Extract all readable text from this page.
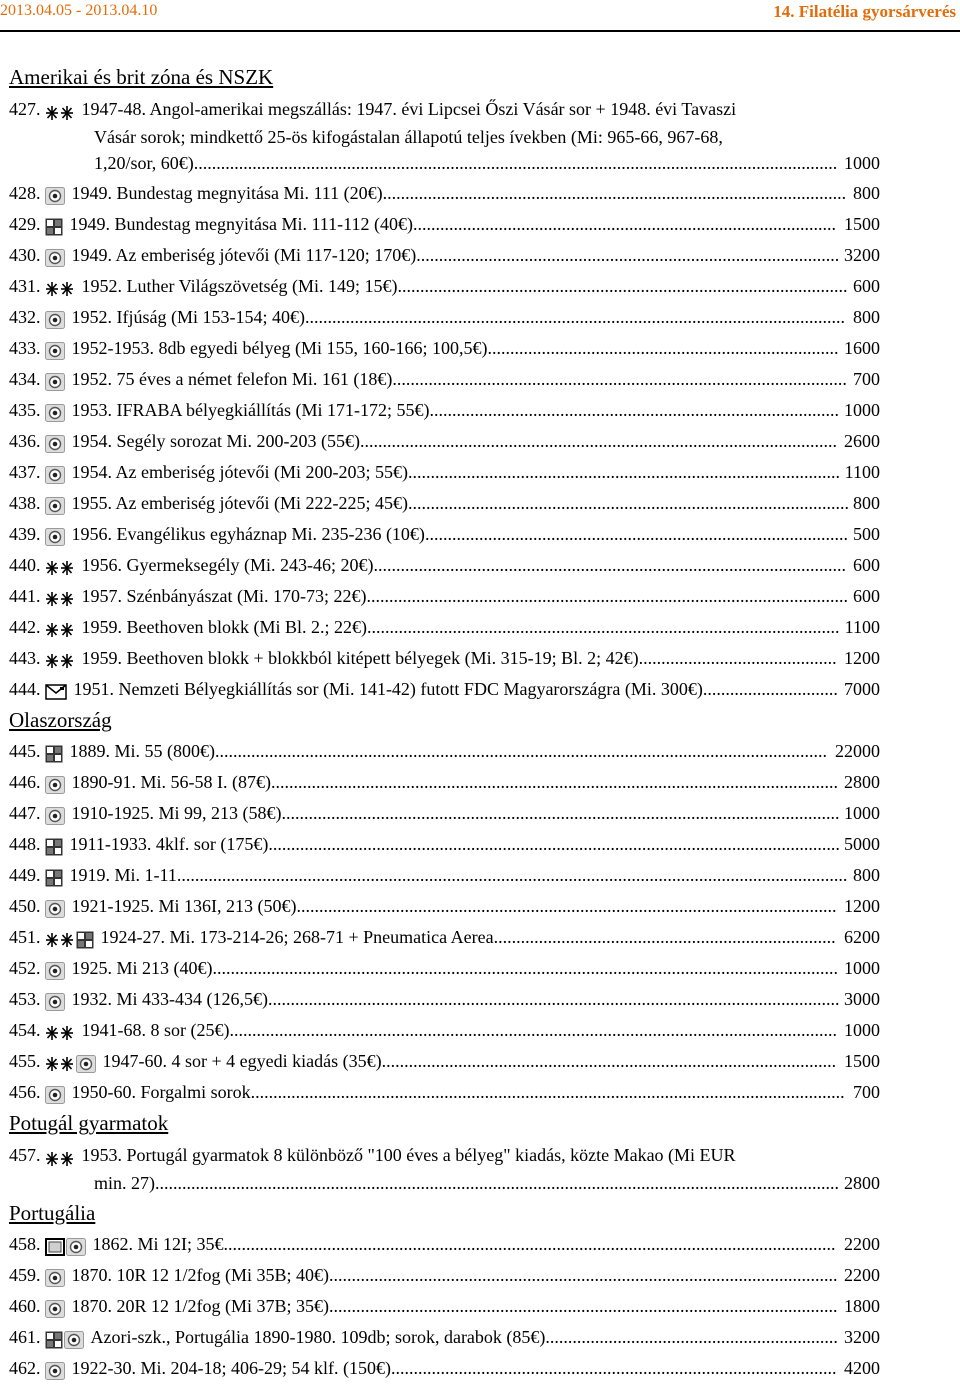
2013.04.05 - 2013.04.10	14. Filatélia gyorsárverés
Amerikai és brit zóna és NSZK
427. 1947-48. Angol-amerikai megszállás: 1947. évi Lipcsei Őszi Vásár sor + 1948. évi Tavaszi
Vásár sorok; mindkettő 25-ös kifogástalan állapotú teljes ívekben (Mi: 965-66, 967-68,
1,20/sor, 60€)............................................................................................................................................... 1000
428. 1949. Bundestag megnyitása Mi. 111 (20€)....................................................................................................... 800
429. 1949. Bundestag megnyitása Mi. 111-112 (40€).............................................................................................. 1500
430. 1949. Az emberiség jótevői (Mi 117-120; 170€).............................................................................................. 3200
431. 1952. Luther Világszövetség (Mi. 149; 15€).................................................................................................... 600
432. 1952. Ifjúság (Mi 153-154; 40€)........................................................................................................................ 800
433. 1952-1953. 8db egyedi bélyeg (Mi 155, 160-166; 100,5€).............................................................................. 1600
434. 1952. 75 éves a német felefon Mi. 161 (18€)..................................................................................................... 700
435. 1953. IFRABA bélyegkiállítás (Mi 171-172; 55€)........................................................................................... 1000
436. 1954. Segély sorozat Mi. 200-203 (55€).......................................................................................................... 2600
437. 1954. Az emberiség jótevői (Mi 200-203; 55€)................................................................................................ 1100
438. 1955. Az emberiség jótevői (Mi 222-225; 45€).................................................................................................. 800
439. 1956. Evangélikus egyháznap Mi. 235-236 (10€).............................................................................................. 500
440. 1956. Gyermeksegély (Mi. 243-46; 20€)......................................................................................................... 600
441. 1957. Szénbányászat (Mi. 170-73; 22€)........................................................................................................... 600
442. 1959. Beethoven blokk (Mi Bl. 2.; 22€)......................................................................................................... 1100
443. 1959. Beethoven blokk + blokkból kitépett bélyegek (Mi. 315-19; Bl. 2; 42€)............................................ 1200
444. 1951. Nemzeti Bélyegkiállítás sor (Mi. 141-42) futott FDC Magyarországra (Mi. 300€).............................. 7000
Olaszország
445. 1889. Mi. 55 (800€)........................................................................................................................................ 22000
446. 1890-91. Mi. 56-58 I. (87€).............................................................................................................................. 2800
447. 1910-1925. Mi 99, 213 (58€)............................................................................................................................ 1000
448. 1911-1933. 4klf. sor (175€)............................................................................................................................... 5000
449. 1919. Mi. 1-11..................................................................................................................................................... 800
450. 1921-1925. Mi 136I, 213 (50€)........................................................................................................................ 1200
451.	1924-27. Mi. 173-214-26; 268-71 + Pneumatica Aerea............................................................................ 6200
452. 1925. Mi 213 (40€)........................................................................................................................................... 1000
453. 1932. Mi 433-434 (126,5€)............................................................................................................................... 3000
454. 1941-68. 8 sor (25€)....................................................................................................................................... 1000
455.	1947-60. 4 sor + 4 egyedi kiadás (35€)..................................................................................................... 1500
456. 1950-60. Forgalmi sorok.................................................................................................................................... 700
Potugál gyarmatok
457. 1953. Portugál gyarmatok 8 különböző "100 éves a bélyeg" kiadás, közte Makao (Mi EUR
min. 27)........................................................................................................................................................ 2800
Portugália
458.	1862. Mi 12I; 35€........................................................................................................................................ 2200
459. 1870. 10R 12 1/2fog (Mi 35B; 40€)................................................................................................................. 2200
460. 1870. 20R 12 1/2fog (Mi 37B; 35€)................................................................................................................. 1800
461.	Azori-szk., Portugália 1890-1980. 109db; sorok, darabok (85€)................................................................. 3200
462. 1922-30. Mi. 204-18; 406-29; 54 klf. (150€)................................................................................................... 4200
